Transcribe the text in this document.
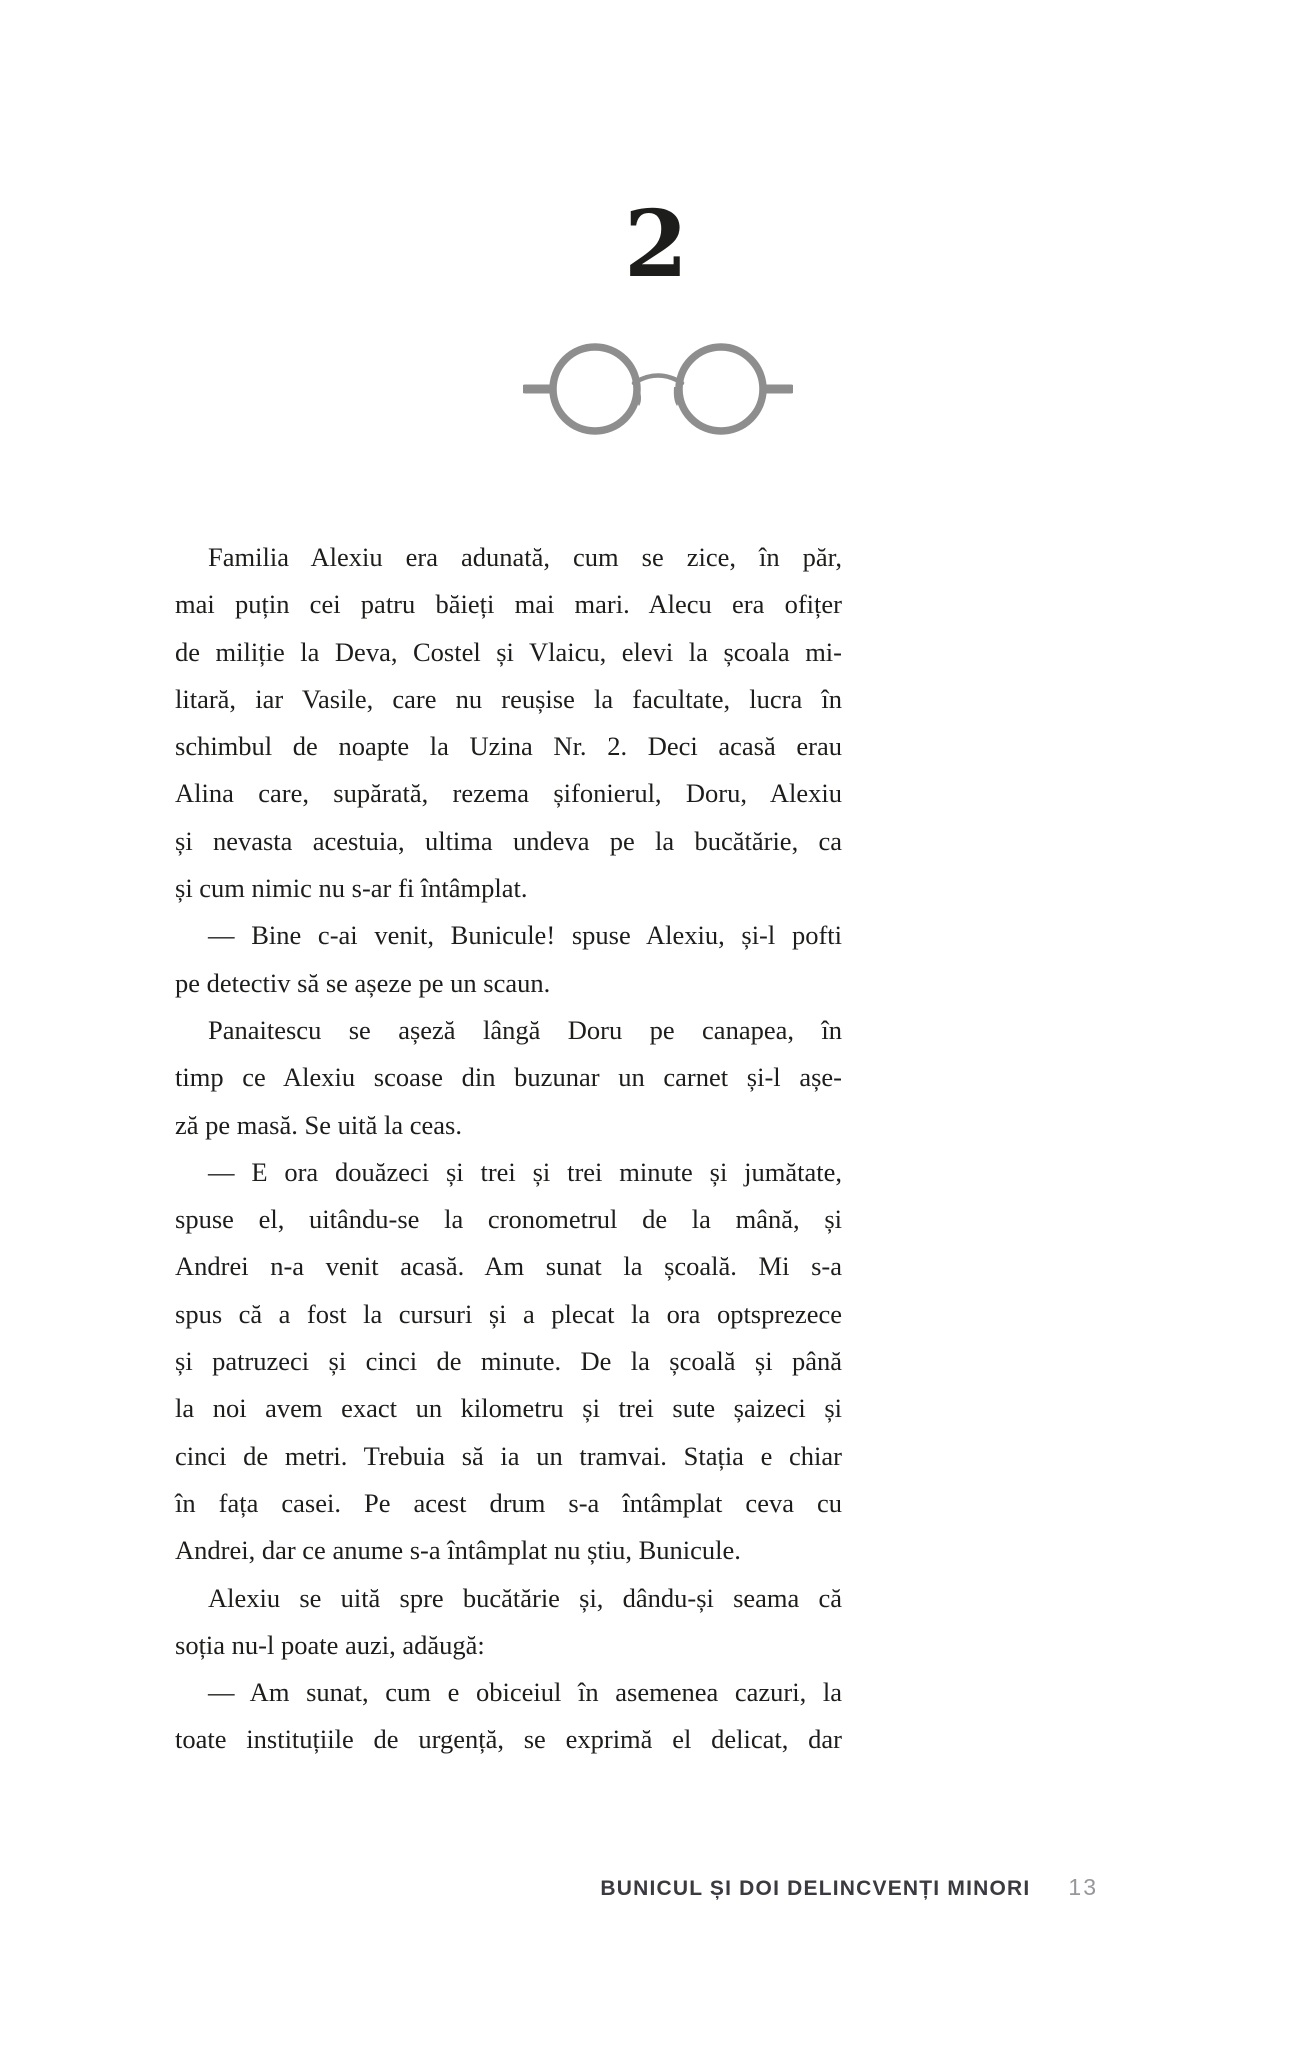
2
Familia Alexiu era adunată, cum se zice, în păr,
mai puțin cei patru băieți mai mari. Alecu era ofițer
de miliție la Deva, Costel și Vlaicu, elevi la școala mi-
litară, iar Vasile, care nu reușise la facultate, lucra în
schimbul de noapte la Uzina Nr. 2. Deci acasă erau
Alina care, supărată, rezema șifonierul, Doru, Alexiu
și nevasta acestuia, ultima undeva pe la bucătărie, ca
și cum nimic nu s-ar fi întâmplat.
— Bine c-ai venit, Bunicule! spuse Alexiu, și-l pofti
pe detectiv să se așeze pe un scaun.
Panaitescu se așeză lângă Doru pe canapea, în
timp ce Alexiu scoase din buzunar un carnet și-l așe-
ză pe masă. Se uită la ceas.
— E ora douăzeci și trei și trei minute și jumătate,
spuse el, uitându-se la cronometrul de la mână, și
Andrei n-a venit acasă. Am sunat la școală. Mi s-a
spus că a fost la cursuri și a plecat la ora optsprezece
și patruzeci și cinci de minute. De la școală și până
la noi avem exact un kilometru și trei sute șaizeci și
cinci de metri. Trebuia să ia un tramvai. Stația e chiar
în fața casei. Pe acest drum s-a întâmplat ceva cu
Andrei, dar ce anume s-a întâmplat nu știu, Bunicule.
Alexiu se uită spre bucătărie și, dându-și seama că
soția nu-l poate auzi, adăugă:
— Am sunat, cum e obiceiul în asemenea cazuri, la
toate instituțiile de urgență, se exprimă el delicat, dar
BUNICUL ȘI DOI DELINCVENȚI MINORI 13
